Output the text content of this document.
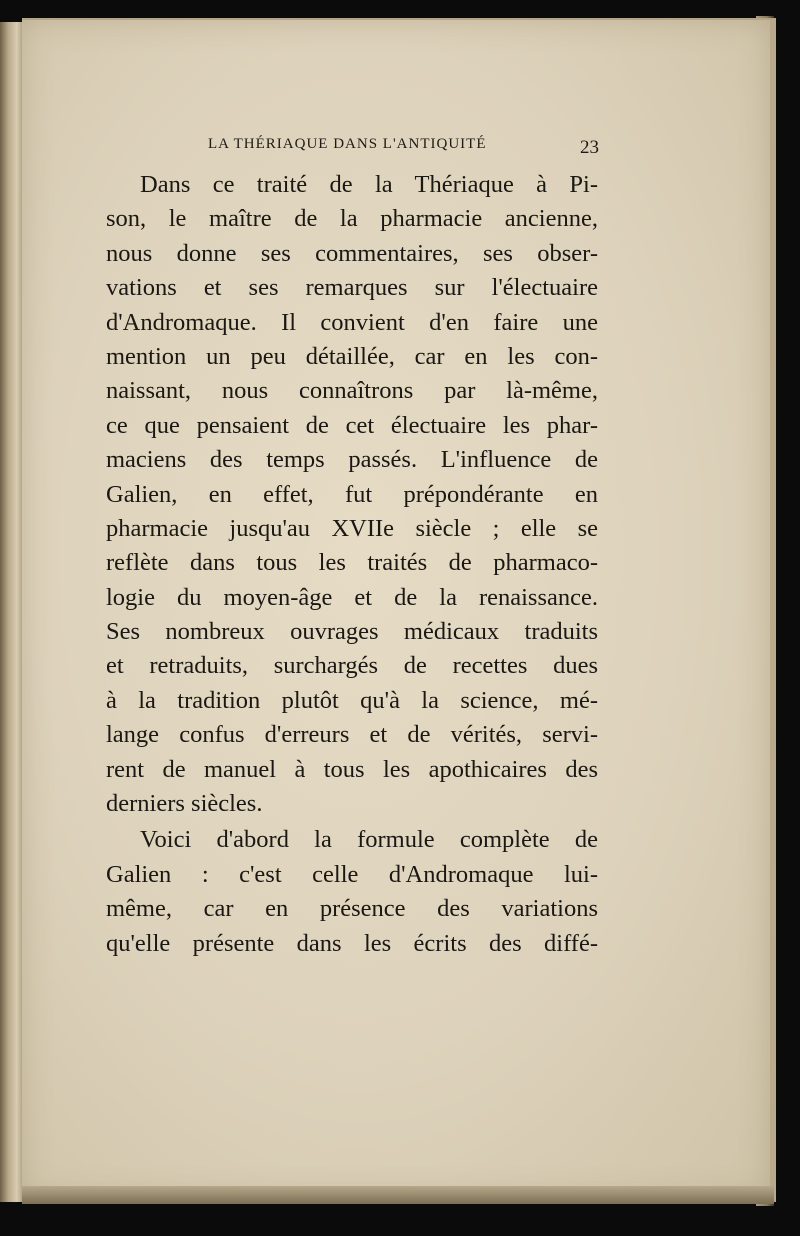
LA THÉRIAQUE DANS L'ANTIQUITÉ	23
Dans ce traité de la Thériaque à Pi-
son, le maître de la pharmacie ancienne,
nous donne ses commentaires, ses obser-
vations et ses remarques sur l'électuaire
d'Andromaque. Il convient d'en faire une
mention un peu détaillée, car en les con-
naissant, nous connaîtrons par là-même,
ce que pensaient de cet électuaire les phar-
maciens des temps passés. L'influence de
Galien, en effet, fut prépondérante en
pharmacie jusqu'au XVIIe siècle ; elle se
reflète dans tous les traités de pharmaco-
logie du moyen-âge et de la renaissance.
Ses nombreux ouvrages médicaux traduits
et retraduits, surchargés de recettes dues
à la tradition plutôt qu'à la science, mé-
lange confus d'erreurs et de vérités, servi-
rent de manuel à tous les apothicaires des
derniers siècles.
Voici d'abord la formule complète de
Galien : c'est celle d'Andromaque lui-
même, car en présence des variations
qu'elle présente dans les écrits des diffé-
